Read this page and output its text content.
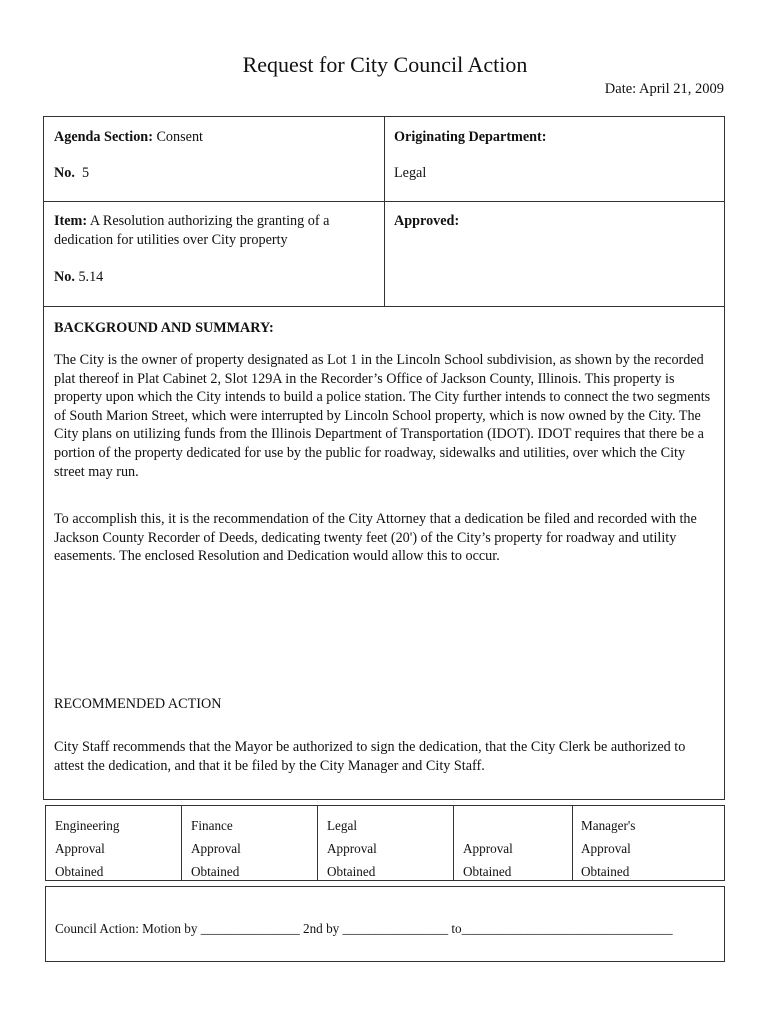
Request for City Council Action
Date: April 21, 2009
Agenda Section: Consent
No. 5
Originating Department:
Legal
Item: A Resolution authorizing the granting of a
dedication for utilities over City property
No. 5.14
Approved:
BACKGROUND AND SUMMARY:
The City is the owner of property designated as Lot 1 in the Lincoln School subdivision, as shown by the recorded plat thereof in Plat Cabinet 2, Slot 129A in the Recorder’s Office of Jackson County, Illinois. This property is property upon which the City intends to build a police station. The City further intends to connect the two segments of South Marion Street, which were interrupted by Lincoln School property, which is now owned by the City. The City plans on utilizing funds from the Illinois Department of Transportation (IDOT). IDOT requires that there be a portion of the property dedicated for use by the public for roadway, sidewalks and utilities, over which the City street may run.
To accomplish this, it is the recommendation of the City Attorney that a dedication be filed and recorded with the Jackson County Recorder of Deeds, dedicating twenty feet (20') of the City’s property for roadway and utility easements. The enclosed Resolution and Dedication would allow this to occur.
RECOMMENDED ACTION
City Staff recommends that the Mayor be authorized to sign the dedication, that the City Clerk be authorized to attest the dedication, and that it be filed by the City Manager and City Staff.
Engineering
Approval
Obtained
Finance
Approval
Obtained
Legal
Approval
Obtained
Approval
Obtained
Manager's
Approval
Obtained
Council Action: Motion by _______________ 2nd by ________________ to________________________________
